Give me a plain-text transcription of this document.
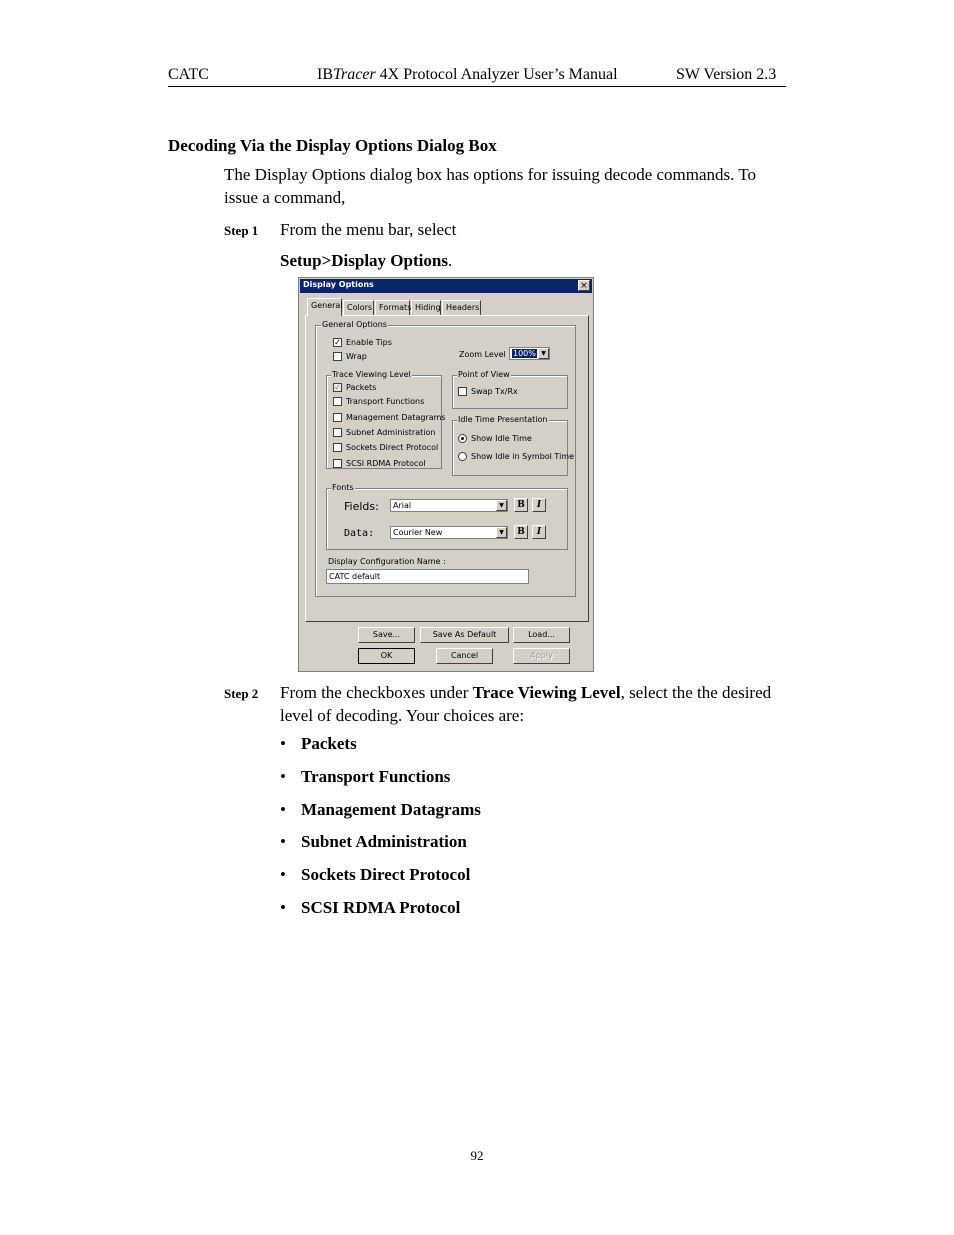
CATC	IBTracer 4X Protocol Analyzer User’s Manual	SW Version 2.3
Decoding Via the Display Options Dialog Box
The Display Options dialog box has options for issuing decode commands. To issue a command,
Step 1 From the menu bar, select
Setup>Display Options.
Display Options	×
General Colors Formats Hiding Headers
General Options
✓ Enable Tips
Wrap	Zoom Level 100% ▼
Trace Viewing Level
✓ Packets
Transport Functions
Management Datagrams
Subnet Administration
Sockets Direct Protocol
SCSI RDMA Protocol
Point of View
Swap Tx/Rx
Idle Time Presentation
Show Idle Time
Show Idle in Symbol Time
Fonts
Fields:	Arial	▼	B	I
Data:	Courier New	▼	B	I
Display Configuration Name :
CATC default
Save...	Save As Default	Load...
OK	Cancel	Apply
Step 2 From the checkboxes under Trace Viewing Level, select the the desired level of decoding. Your choices are:
• Packets
• Transport Functions
• Management Datagrams
• Subnet Administration
• Sockets Direct Protocol
• SCSI RDMA Protocol
92
